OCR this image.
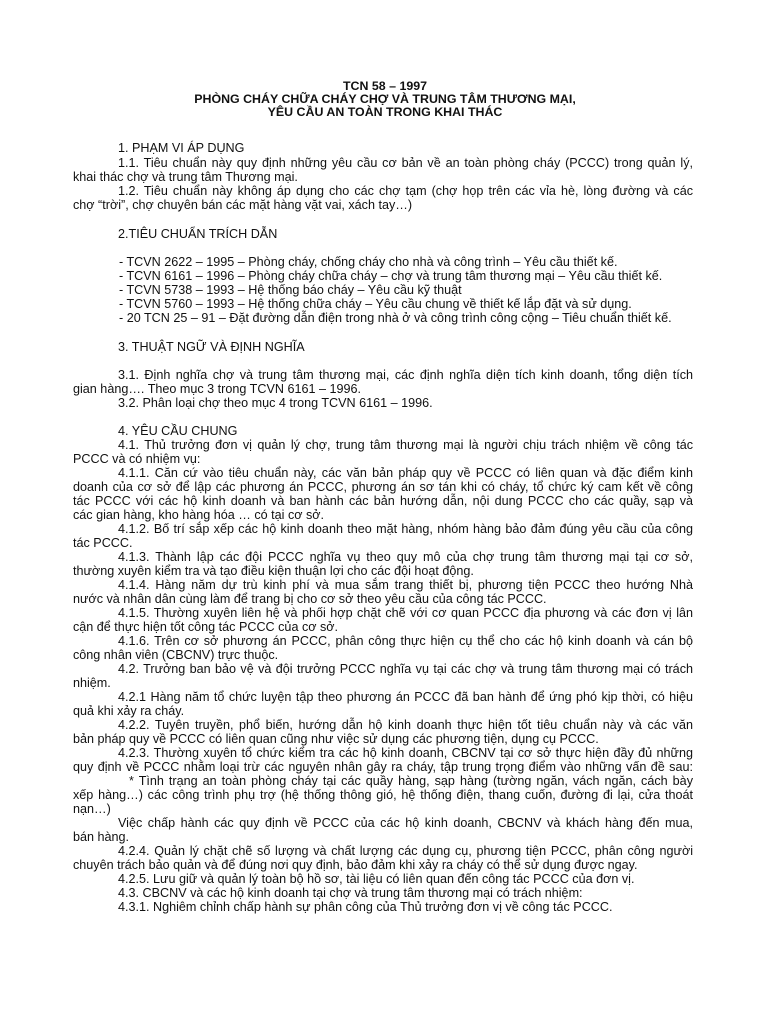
TCN 58 – 1997
PHÒNG CHÁY CHỮA CHÁY CHỢ VÀ TRUNG TÂM THƯƠNG MẠI,
YÊU CẦU AN TOÀN TRONG KHAI THÁC
1. PHẠM VI ÁP DỤNG
1.1. Tiêu chuẩn này quy định những yêu cầu cơ bản về an toàn phòng cháy (PCCC) trong quản lý,
khai thác chợ và trung tâm Thương mại.
1.2. Tiêu chuẩn này không áp dụng cho các chợ tạm (chợ họp trên các vỉa hè, lòng đường và các
chợ “trời”, chợ chuyên bán các mặt hàng vặt vai, xách tay…)
2.TIÊU CHUẨN TRÍCH DẪN
- TCVN 2622 – 1995 – Phòng cháy, chống cháy cho nhà và công trình – Yêu cầu thiết kế.
- TCVN 6161 – 1996 – Phòng cháy chữa cháy – chợ và trung tâm thương mại – Yêu cầu thiết kế.
- TCVN 5738 – 1993 – Hệ thống báo cháy – Yêu cầu kỹ thuật
- TCVN 5760 – 1993 – Hệ thống chữa cháy – Yêu cầu chung về thiết kế lắp đặt và sử dụng.
- 20 TCN 25 – 91 – Đặt đường dẫn điện trong nhà ở và công trình công cộng – Tiêu chuẩn thiết kế.
3. THUẬT NGỮ VÀ ĐỊNH NGHĨA
3.1. Định nghĩa chợ và trung tâm thương mại, các định nghĩa diện tích kinh doanh, tổng diện tích
gian hàng…. Theo mục 3 trong TCVN 6161 – 1996.
3.2. Phân loại chợ theo mục 4 trong TCVN 6161 – 1996.
4. YÊU CẦU CHUNG
4.1. Thủ trưởng đơn vị quản lý chợ, trung tâm thương mại là người chịu trách nhiệm về công tác
PCCC và có nhiệm vụ:
4.1.1. Căn cứ vào tiêu chuẩn này, các văn bản pháp quy về PCCC có liên quan và đặc điểm kinh
doanh của cơ sở để lập các phương án PCCC, phương án sơ tán khi có cháy, tổ chức ký cam kết về công
tác PCCC với các hộ kinh doanh và ban hành các bản hướng dẫn, nội dung PCCC cho các quầy, sạp và
các gian hàng, kho hàng hóa … có tại cơ sở.
4.1.2. Bố trí sắp xếp các hộ kinh doanh theo mặt hàng, nhóm hàng bảo đảm đúng yêu cầu của công
tác PCCC.
4.1.3. Thành lập các đội PCCC nghĩa vụ theo quy mô của chợ trung tâm thương mại tại cơ sở,
thường xuyên kiểm tra và tạo điều kiện thuận lợi cho các đội hoạt động.
4.1.4. Hàng năm dự trù kinh phí và mua sắm trang thiết bị, phương tiện PCCC theo hướng Nhà
nước và nhân dân cùng làm để trang bị cho cơ sở theo yêu cầu của công tác PCCC.
4.1.5. Thường xuyên liên hệ và phối hợp chặt chẽ với cơ quan PCCC địa phương và các đơn vị lân
cận để thực hiện tốt công tác PCCC của cơ sở.
4.1.6. Trên cơ sở phương án PCCC, phân công thực hiện cụ thể cho các hộ kinh doanh và cán bộ
công nhân viên (CBCNV) trực thuộc.
4.2. Trưởng ban bảo vệ và đội trưởng PCCC nghĩa vụ tại các chợ và trung tâm thương mại có trách
nhiệm.
4.2.1 Hàng năm tổ chức luyện tập theo phương án PCCC đã ban hành để ứng phó kịp thời, có hiệu
quả khi xảy ra cháy.
4.2.2. Tuyên truyền, phổ biến, hướng dẫn hộ kinh doanh thực hiện tốt tiêu chuẩn này và các văn
bản pháp quy về PCCC có liên quan cũng như việc sử dụng các phương tiện, dụng cụ PCCC.
4.2.3. Thường xuyên tổ chức kiểm tra các hộ kinh doanh, CBCNV tại cơ sở thực hiện đầy đủ những
quy định về PCCC nhằm loại trừ các nguyên nhân gây ra cháy, tập trung trọng điểm vào những vấn đề sau:
* Tình trạng an toàn phòng cháy tại các quầy hàng, sạp hàng (tường ngăn, vách ngăn, cách bày
xếp hàng…) các công trình phụ trợ (hệ thống thông gió, hệ thống điện, thang cuốn, đường đi lại, cửa thoát
nạn…)
Việc chấp hành các quy định về PCCC của các hộ kinh doanh, CBCNV và khách hàng đến mua,
bán hàng.
4.2.4. Quản lý chặt chẽ số lượng và chất lượng các dụng cụ, phương tiện PCCC, phân công người
chuyên trách bảo quản và để đúng nơi quy định, bảo đảm khi xảy ra cháy có thể sử dụng được ngay.
4.2.5. Lưu giữ và quản lý toàn bộ hồ sơ, tài liệu có liên quan đến công tác PCCC của đơn vị.
4.3. CBCNV và các hộ kinh doanh tại chợ và trung tâm thương mại có trách nhiệm:
4.3.1. Nghiêm chỉnh chấp hành sự phân công của Thủ trưởng đơn vị về công tác PCCC.
